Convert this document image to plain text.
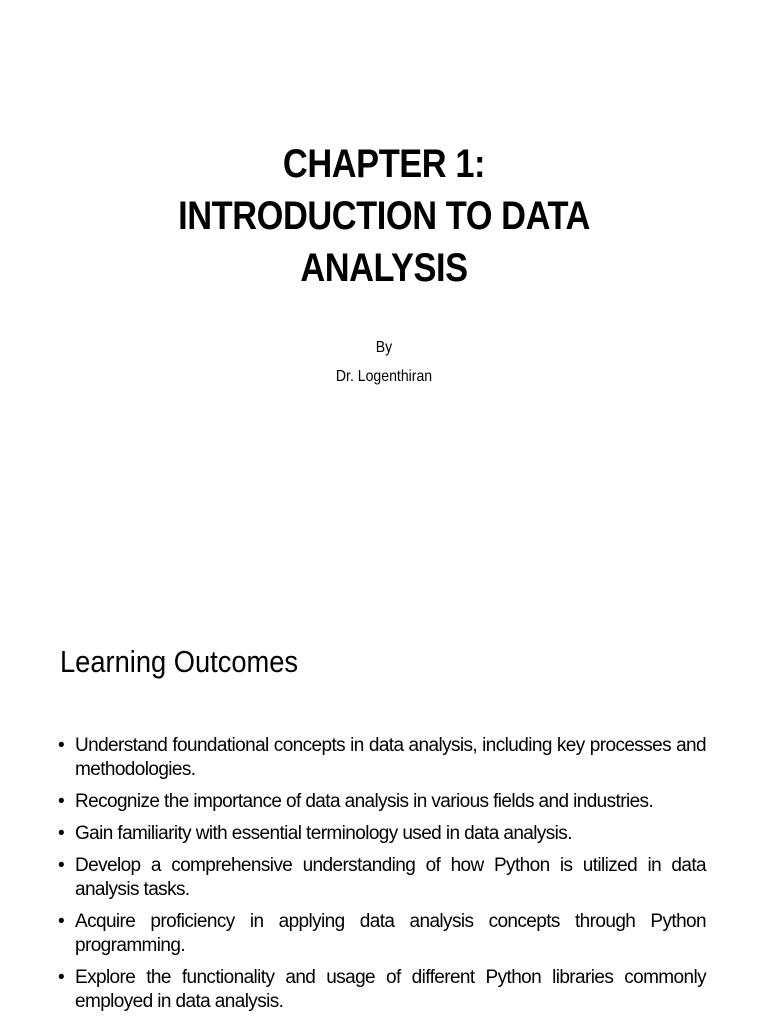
CHAPTER 1:
INTRODUCTION TO DATA
ANALYSIS
By
Dr. Logenthiran
Learning Outcomes
• Understand foundational concepts in data analysis, including key processes and methodologies.
• Recognize the importance of data analysis in various fields and industries.
• Gain familiarity with essential terminology used in data analysis.
• Develop a comprehensive understanding of how Python is utilized in data analysis tasks.
• Acquire proficiency in applying data analysis concepts through Python programming.
• Explore the functionality and usage of different Python libraries commonly employed in data analysis.
